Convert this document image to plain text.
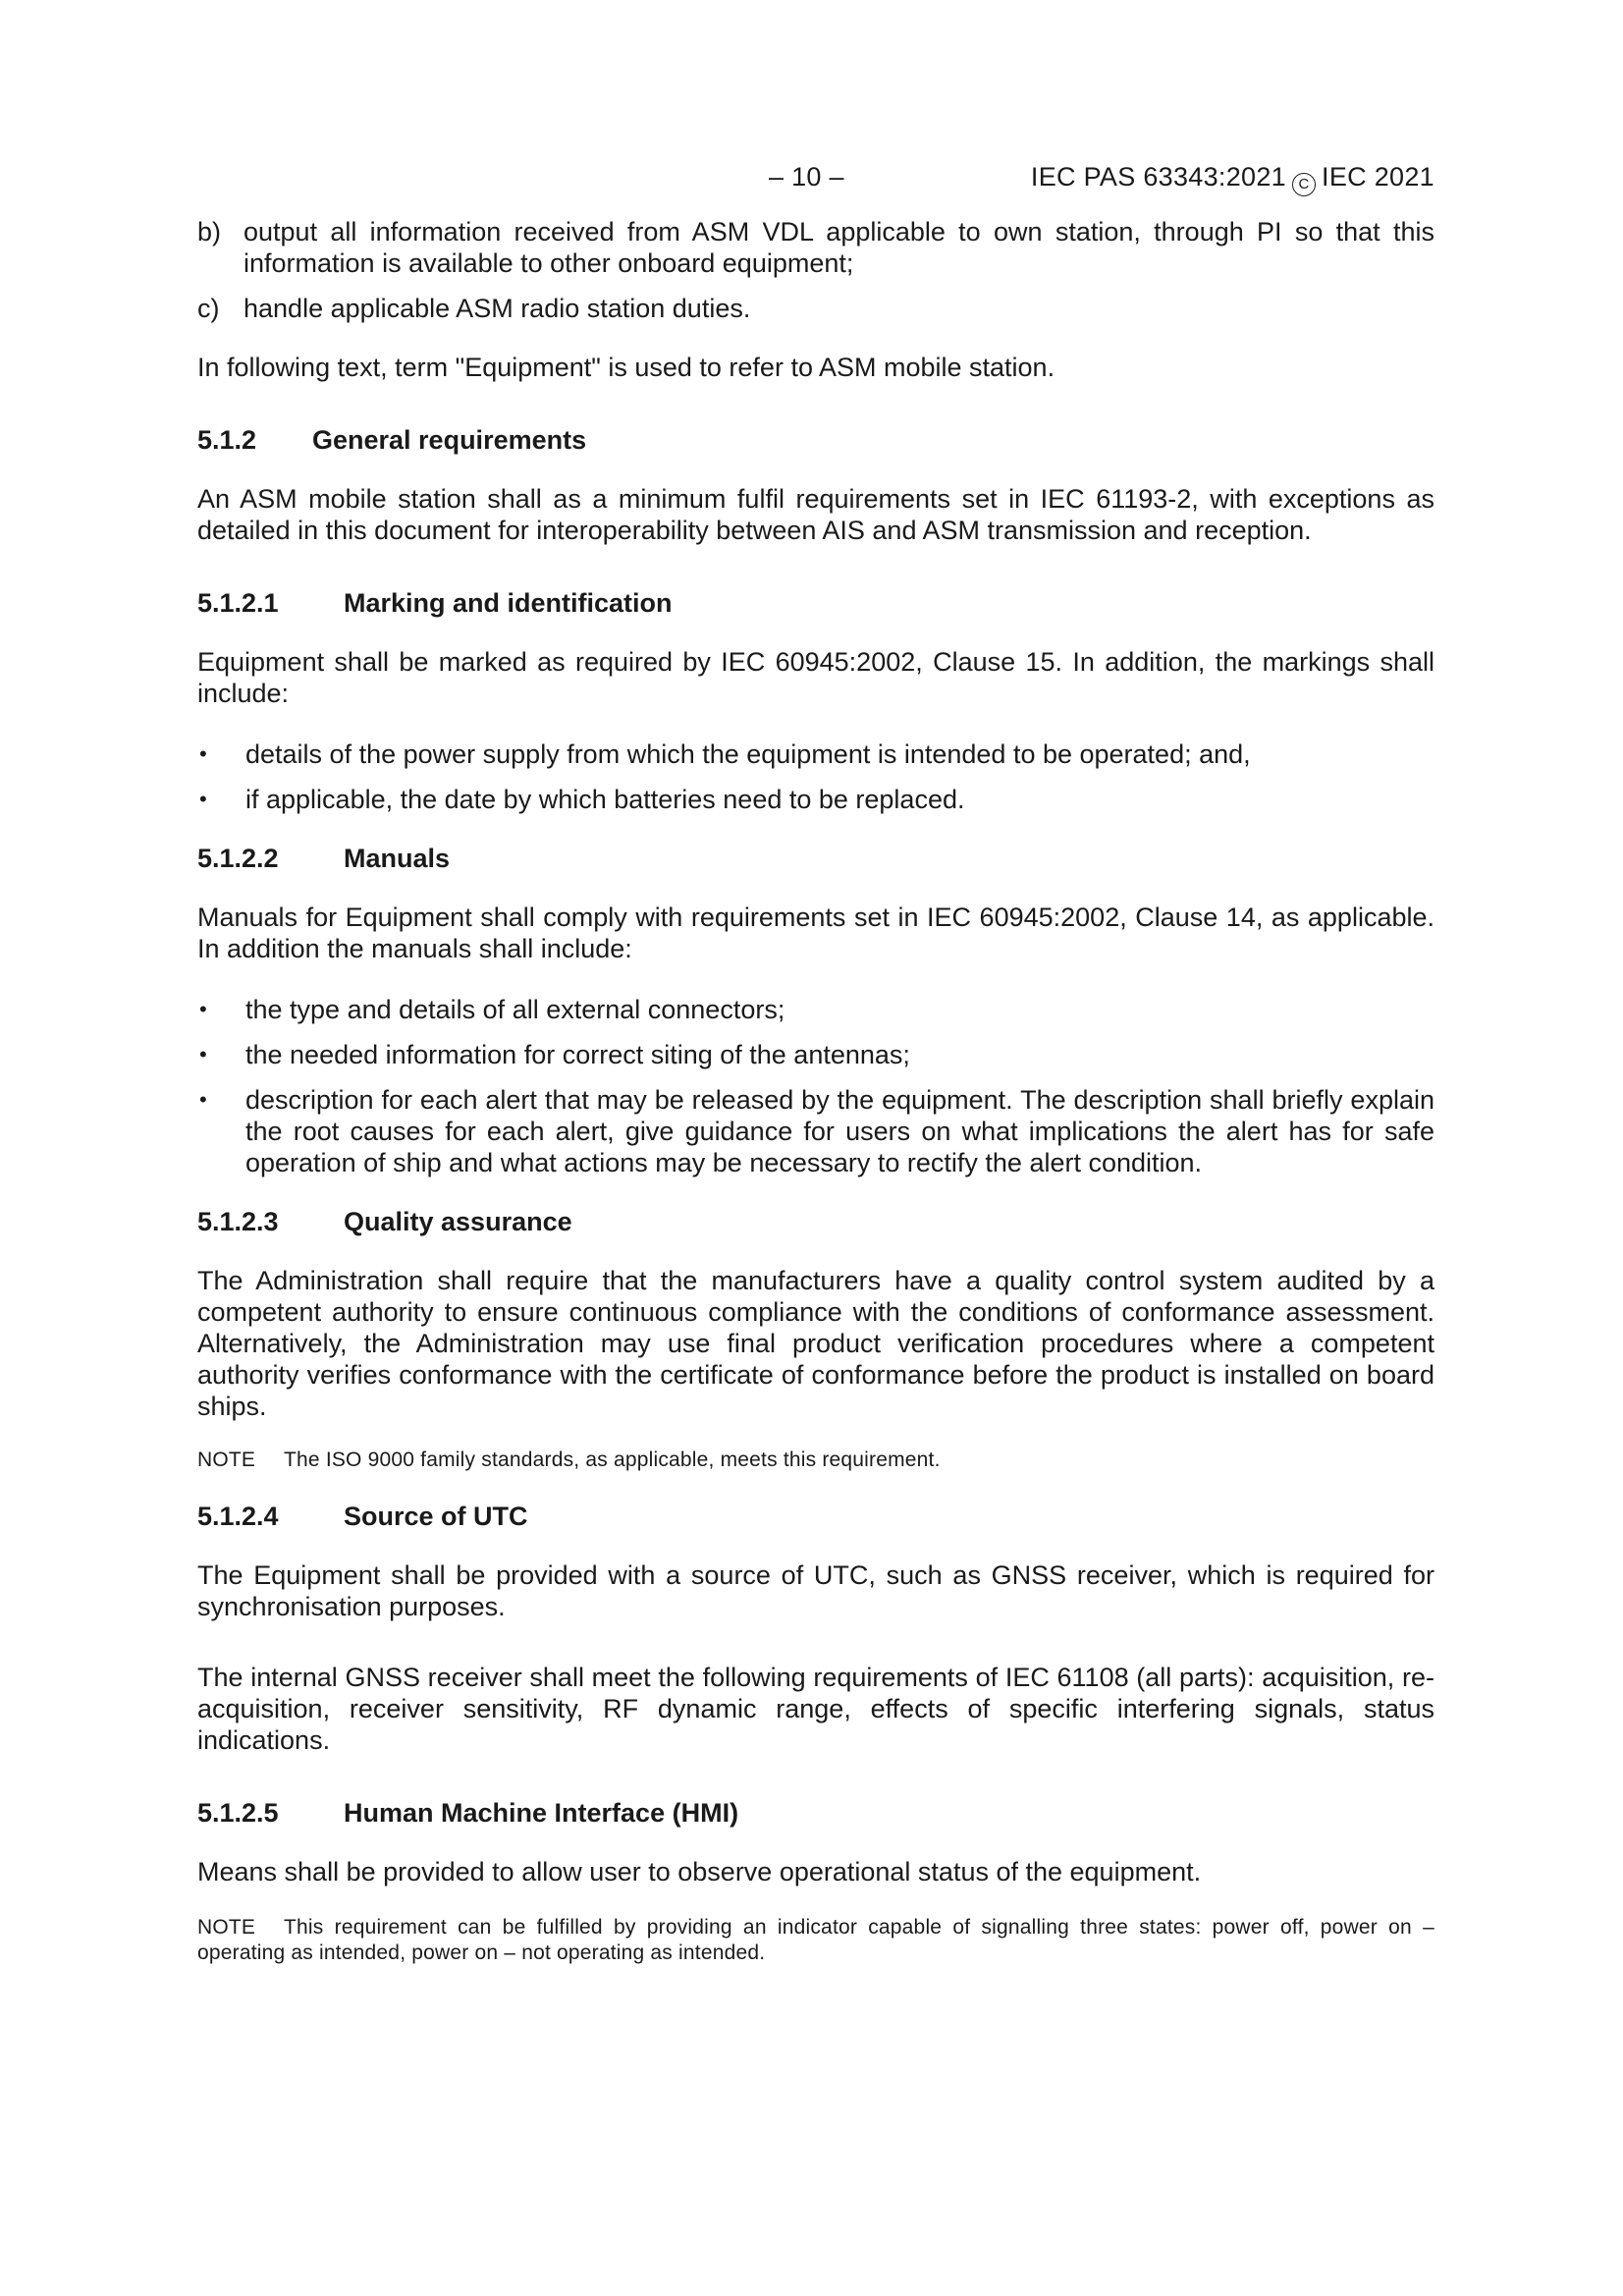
– 10 –	IEC PAS 63343:2021 C IEC 2021
b) output all information received from ASM VDL applicable to own station, through PI so that this information is available to other onboard equipment;
c) handle applicable ASM radio station duties.

In following text, term "Equipment" is used to refer to ASM mobile station.

5.1.2	General requirements

An ASM mobile station shall as a minimum fulfil requirements set in IEC 61193-2, with exceptions as detailed in this document for interoperability between AIS and ASM transmission and reception.

5.1.2.1	Marking and identification

Equipment shall be marked as required by IEC 60945:2002, Clause 15. In addition, the markings shall include:

•	details of the power supply from which the equipment is intended to be operated; and,
•	if applicable, the date by which batteries need to be replaced.
5.1.2.2	Manuals

Manuals for Equipment shall comply with requirements set in IEC 60945:2002, Clause 14, as applicable. In addition the manuals shall include:

•	the type and details of all external connectors;
•	the needed information for correct siting of the antennas;
•	description for each alert that may be released by the equipment. The description shall briefly explain the root causes for each alert, give guidance for users on what implications the alert has for safe operation of ship and what actions may be necessary to rectify the alert condition.
5.1.2.3	Quality assurance

The Administration shall require that the manufacturers have a quality control system audited by a competent authority to ensure continuous compliance with the conditions of conformance assessment. Alternatively, the Administration may use final product verification procedures where a competent authority verifies conformance with the certificate of conformance before the product is installed on board ships.

NOTE	The ISO 9000 family standards, as applicable, meets this requirement.
5.1.2.4	Source of UTC

The Equipment shall be provided with a source of UTC, such as GNSS receiver, which is required for synchronisation purposes.

The internal GNSS receiver shall meet the following requirements of IEC 61108 (all parts): acquisition, re-acquisition, receiver sensitivity, RF dynamic range, effects of specific interfering signals, status indications.

5.1.2.5	Human Machine Interface (HMI)

Means shall be provided to allow user to observe operational status of the equipment.

NOTE This requirement can be fulfilled by providing an indicator capable of signalling three states: power off, power on – operating as intended, power on – not operating as intended.
